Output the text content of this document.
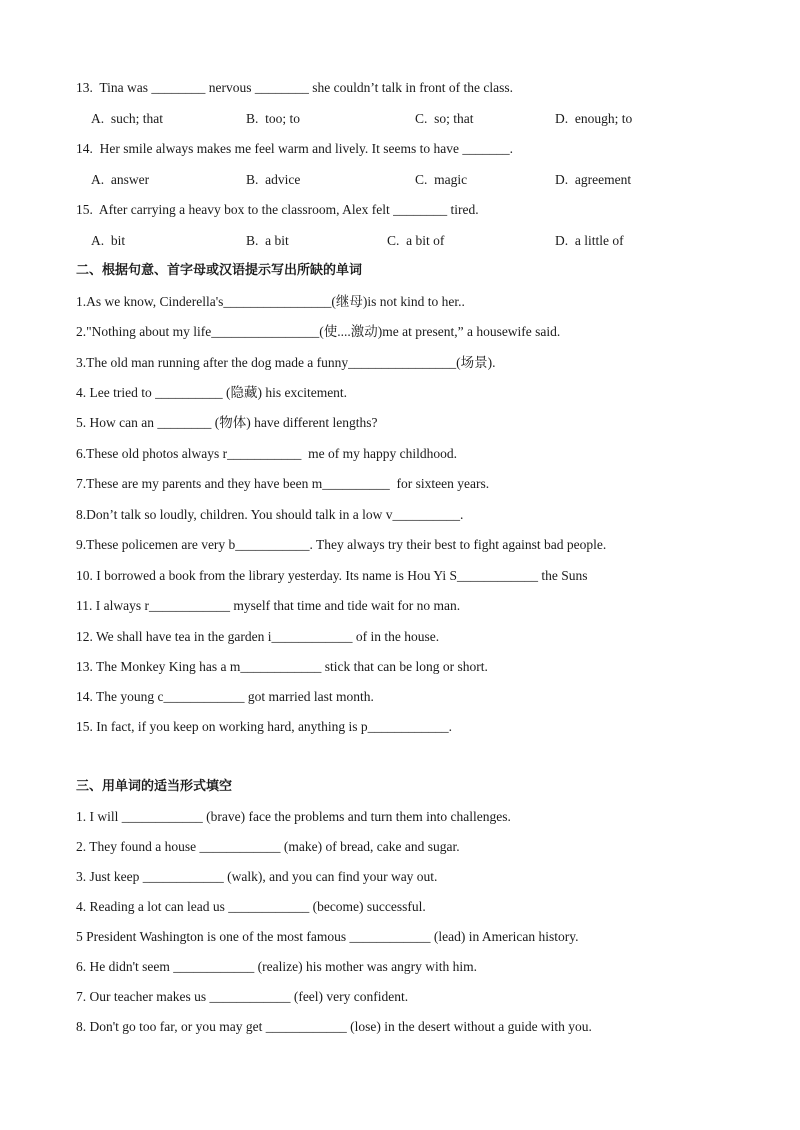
13.  Tina was ________ nervous ________ she couldn’t talk in front of the class.
A.  such; that	B.  too; to	C.  so; that	D.  enough; to
14.  Her smile always makes me feel warm and lively. It seems to have _______.
A.  answer	B.  advice	C.  magic	D.  agreement
15.  After carrying a heavy box to the classroom, Alex felt ________ tired.
A.  bit	B.  a bit	C.  a bit of	D.  a little of
二、根据句意、首字母或汉语提示写出所缺的单词
1.As we know, Cinderella's________________(继母)is not kind to her..
2."Nothing about my life________________(使....激动)me at present,” a housewife said.
3.The old man running after the dog made a funny________________(场景).
4. Lee tried to __________ (隐藏) his excitement.
5. How can an ________ (物体) have different lengths?
6.These old photos always r___________  me of my happy childhood.
7.These are my parents and they have been m__________  for sixteen years.
8.Don’t talk so loudly, children. You should talk in a low v__________.
9.These policemen are very b___________. They always try their best to fight against bad people.
10. I borrowed a book from the library yesterday. Its name is Hou Yi S____________ the Suns
11. I always r____________ myself that time and tide wait for no man.
12. We shall have tea in the garden i____________ of in the house.
13. The Monkey King has a m____________ stick that can be long or short.
14. The young c____________ got married last month.
15. In fact, if you keep on working hard, anything is p____________.
三、用单词的适当形式填空
1. I will ____________ (brave) face the problems and turn them into challenges.
2. They found a house ____________ (make) of bread, cake and sugar.
3. Just keep ____________ (walk), and you can find your way out.
4. Reading a lot can lead us ____________ (become) successful.
5 President Washington is one of the most famous ____________ (lead) in American history.
6. He didn't seem ____________ (realize) his mother was angry with him.
7. Our teacher makes us ____________ (feel) very confident.
8. Don't go too far, or you may get ____________ (lose) in the desert without a guide with you.
